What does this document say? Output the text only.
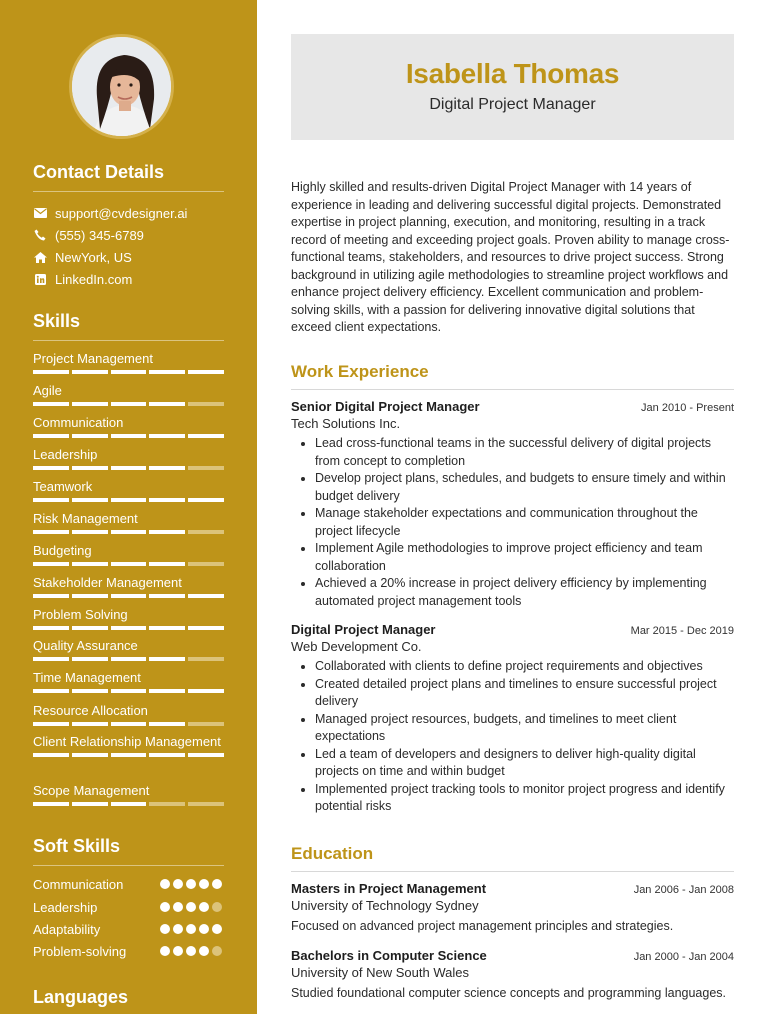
Contact Details
support@cvdesigner.ai
(555) 345-6789
NewYork, US
LinkedIn.com
Skills
Project Management
Agile
Communication
Leadership
Teamwork
Risk Management
Budgeting
Stakeholder Management
Problem Solving
Quality Assurance
Time Management
Resource Allocation
Client Relationship Management
Scope Management
Soft Skills
Communication
Leadership
Adaptability
Problem-solving
Languages
Isabella Thomas
Digital Project Manager

Highly skilled and results-driven Digital Project Manager with 14 years of experience in leading and delivering successful digital projects. Demonstrated expertise in project planning, execution, and monitoring, resulting in a track record of meeting and exceeding project goals. Proven ability to manage cross-functional teams, stakeholders, and resources to drive project success. Strong background in utilizing agile methodologies to streamline project workflows and enhance project delivery efficiency. Excellent communication and problem-solving skills, with a passion for delivering innovative digital solutions that exceed client expectations.

Work Experience
Senior Digital Project Manager	Jan 2010 - Present
Tech Solutions Inc.
• Lead cross-functional teams in the successful delivery of digital projects from concept to completion
• Develop project plans, schedules, and budgets to ensure timely and within budget delivery
• Manage stakeholder expectations and communication throughout the project lifecycle
• Implement Agile methodologies to improve project efficiency and team collaboration
• Achieved a 20% increase in project delivery efficiency by implementing automated project management tools
Digital Project Manager	Mar 2015 - Dec 2019
Web Development Co.
• Collaborated with clients to define project requirements and objectives
• Created detailed project plans and timelines to ensure successful project delivery
• Managed project resources, budgets, and timelines to meet client expectations
• Led a team of developers and designers to deliver high-quality digital projects on time and within budget
• Implemented project tracking tools to monitor project progress and identify potential risks
Education
Masters in Project Management	Jan 2006 - Jan 2008
University of Technology Sydney
Focused on advanced project management principles and strategies.
Bachelors in Computer Science	Jan 2000 - Jan 2004
University of New South Wales
Studied foundational computer science concepts and programming languages.
